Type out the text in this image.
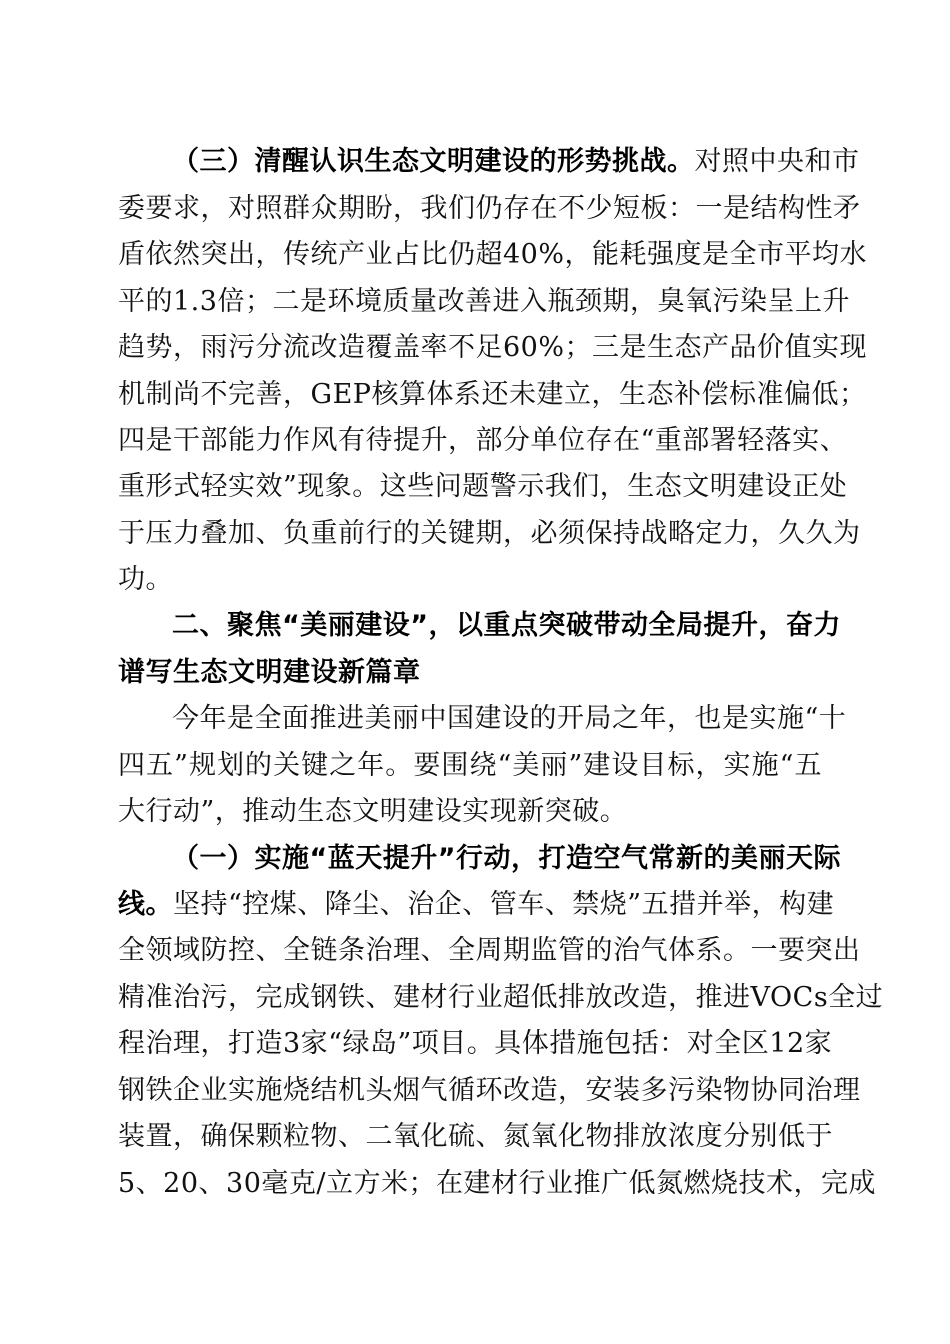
（三）清醒认识生态文明建设的形势挑战。对照中央和市
委要求，对照群众期盼，我们仍存在不少短板：一是结构性矛
盾依然突出，传统产业占比仍超40%，能耗强度是全市平均水
平的1.3倍；二是环境质量改善进入瓶颈期，臭氧污染呈上升
趋势，雨污分流改造覆盖率不足60%；三是生态产品价值实现
机制尚不完善，GEP核算体系还未建立，生态补偿标准偏低；
四是干部能力作风有待提升，部分单位存在“重部署轻落实、
重形式轻实效”现象。这些问题警示我们，生态文明建设正处
于压力叠加、负重前行的关键期，必须保持战略定力，久久为
功。
二、聚焦“美丽建设”，以重点突破带动全局提升，奋力
谱写生态文明建设新篇章
今年是全面推进美丽中国建设的开局之年，也是实施“十
四五”规划的关键之年。要围绕“美丽”建设目标，实施“五
大行动”，推动生态文明建设实现新突破。
（一）实施“蓝天提升”行动，打造空气常新的美丽天际
线。坚持“控煤、降尘、治企、管车、禁烧”五措并举，构建
全领域防控、全链条治理、全周期监管的治气体系。一要突出
精准治污，完成钢铁、建材行业超低排放改造，推进VOCs全过
程治理，打造3家“绿岛”项目。具体措施包括：对全区12家
钢铁企业实施烧结机头烟气循环改造，安装多污染物协同治理
装置，确保颗粒物、二氧化硫、氮氧化物排放浓度分别低于
5、20、30毫克/立方米；在建材行业推广低氮燃烧技术，完成
